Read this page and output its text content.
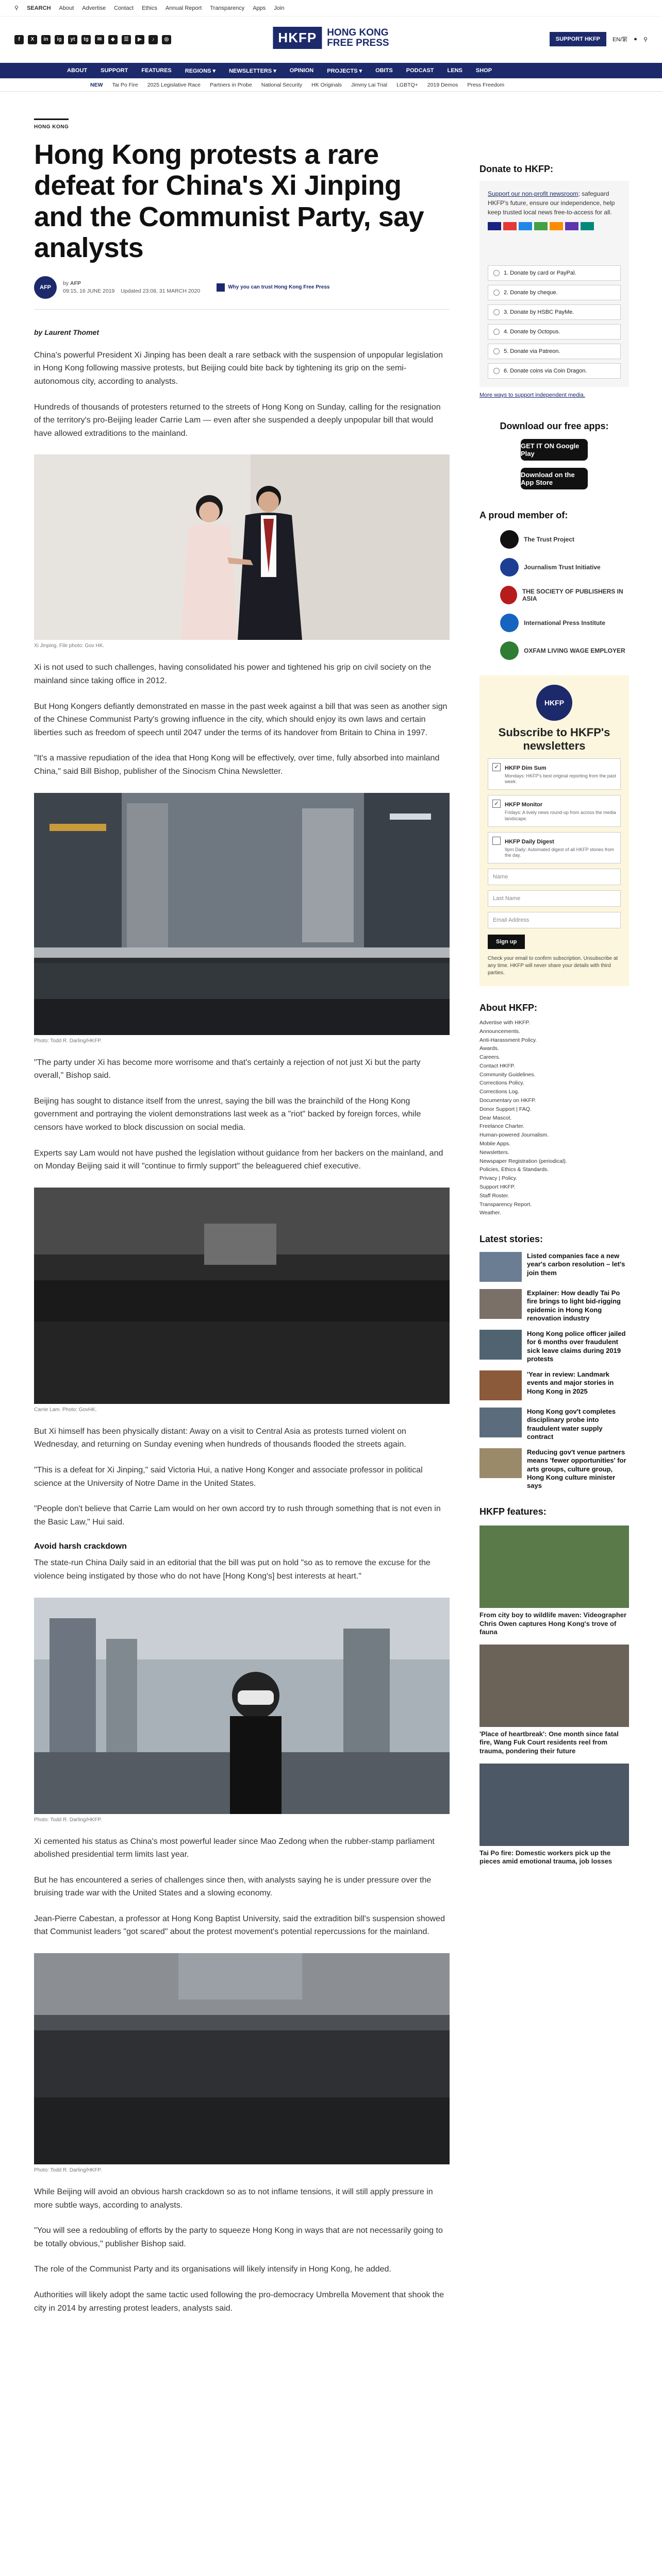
⚲ SEARCH About Advertise Contact Ethics Annual Report Transparency Apps Join
f	X	in	ig	yt	tg	✉	◆	☰	▶	♪	◎	HKFP	HONG KONG
FREE PRESS	SUPPORT HKFP	EN/繁 ● ⚲
ABOUT SUPPORT FEATURES REGIONS ▾ NEWSLETTERS ▾ OPINION PROJECTS ▾ OBITS PODCAST LENS SHOP
NEW Tai Po Fire 2025 Legislative Race Partners in Probe National Security HK Originals Jimmy Lai Trial LGBTQ+ 2019 Demos Press Freedom
HONG KONG
Hong Kong protests a rare defeat for China's Xi Jinping and the Communist Party, say analysts
AFP
by AFP
09:15, 16 JUNE 2019 Updated 23:08, 31 MARCH 2020
Why you can trust Hong Kong Free Press
by Laurent Thomet

China's powerful President Xi Jinping has been dealt a rare setback with the suspension of unpopular legislation in Hong Kong following massive protests, but Beijing could bite back by tightening its grip on the semi-autonomous city, according to analysts.

Hundreds of thousands of protesters returned to the streets of Hong Kong on Sunday, calling for the resignation of the territory's pro-Beijing leader Carrie Lam — even after she suspended a deeply unpopular bill that would have allowed extraditions to the mainland.

Xi Jinping. File photo: Gov HK.

Xi is not used to such challenges, having consolidated his power and tightened his grip on civil society on the mainland since taking office in 2012.

But Hong Kongers defiantly demonstrated en masse in the past week against a bill that was seen as another sign of the Chinese Communist Party's growing influence in the city, which should enjoy its own laws and certain liberties such as freedom of speech until 2047 under the terms of its handover from Britain to China in 1997.

"It's a massive repudiation of the idea that Hong Kong will be effectively, over time, fully absorbed into mainland China," said Bill Bishop, publisher of the Sinocism China Newsletter.

Photo: Todd R. Darling/HKFP.

"The party under Xi has become more worrisome and that's certainly a rejection of not just Xi but the party overall," Bishop said.

Beijing has sought to distance itself from the unrest, saying the bill was the brainchild of the Hong Kong government and portraying the violent demonstrations last week as a "riot" backed by foreign forces, while censors have worked to block discussion on social media.

Experts say Lam would not have pushed the legislation without guidance from her backers on the mainland, and on Monday Beijing said it will "continue to firmly support" the beleaguered chief executive.

Carrie Lam. Photo: GovHK.

But Xi himself has been physically distant: Away on a visit to Central Asia as protests turned violent on Wednesday, and returning on Sunday evening when hundreds of thousands flooded the streets again.

"This is a defeat for Xi Jinping," said Victoria Hui, a native Hong Konger and associate professor in political science at the University of Notre Dame in the United States.

"People don't believe that Carrie Lam would on her own accord try to rush through something that is not even in the Basic Law," Hui said.

Avoid harsh crackdown

The state-run China Daily said in an editorial that the bill was put on hold "so as to remove the excuse for the violence being instigated by those who do not have [Hong Kong's] best interests at heart."

Photo: Todd R. Darling/HKFP.

Xi cemented his status as China's most powerful leader since Mao Zedong when the rubber-stamp parliament abolished presidential term limits last year.

But he has encountered a series of challenges since then, with analysts saying he is under pressure over the bruising trade war with the United States and a slowing economy.

Jean-Pierre Cabestan, a professor at Hong Kong Baptist University, said the extradition bill's suspension showed that Communist leaders "got scared" about the protest movement's potential repercussions for the mainland.

Photo: Todd R. Darling/HKFP.

While Beijing will avoid an obvious harsh crackdown so as to not inflame tensions, it will still apply pressure in more subtle ways, according to analysts.

"You will see a redoubling of efforts by the party to squeeze Hong Kong in ways that are not necessarily going to be totally obvious," publisher Bishop said.

The role of the Communist Party and its organisations will likely intensify in Hong Kong, he added.

Authorities will likely adopt the same tactic used following the pro-democracy Umbrella Movement that shook the city in 2014 by arresting protest leaders, analysts said.

Donate to HKFP:

Support our non-profit newsroom; safeguard HKFP's future, ensure our independence, help keep trusted local news free-to-access for all.

1. Donate by card or PayPal.
2. Donate by cheque.
3. Donate by HSBC PayMe.
4. Donate by Octopus.
5. Donate via Patreon.
6. Donate coins via Coin Dragon.
More ways to support independent media.
Download our free apps:
GET IT ON Google Play
Download on the App Store
A proud member of:
The Trust Project
Journalism Trust Initiative
THE SOCIETY OF PUBLISHERS IN ASIA
International Press Institute
OXFAM LIVING WAGE EMPLOYER
HKFP
Subscribe to HKFP's newsletters
✓	HKFP Dim Sum
Mondays: HKFP's best original reporting from the past week.
✓	HKFP Monitor
Fridays: A lively news round-up from across the media landscape.
HKFP Daily Digest
9pm Daily: Automated digest of all HKFP stories from the day.
Name
Last Name
Email Address
Sign up
Check your email to confirm subscription. Unsubscribe at any time. HKFP will never share your details with third parties.
About HKFP:
Advertise with HKFP.
Announcements.
Anti-Harassment Policy.
Awards.
Careers.
Contact HKFP.
Community Guidelines.
Corrections Policy.
Corrections Log.
Documentary on HKFP.
Donor Support | FAQ.
Dear Mascot.
Freelance Charter.
Human-powered Journalism.
Mobile Apps.
Newsletters.
Newspaper Registration (periodical).
Policies, Ethics & Standards.
Privacy | Policy.
Support HKFP.
Staff Roster.
Transparency Report.
Weather.
Latest stories:
Listed companies face a new year's carbon resolution – let's join them
Explainer: How deadly Tai Po fire brings to light bid-rigging epidemic in Hong Kong renovation industry
Hong Kong police officer jailed for 6 months over fraudulent sick leave claims during 2019 protests
'Year in review: Landmark events and major stories in Hong Kong in 2025
Hong Kong gov't completes disciplinary probe into fraudulent water supply contract
Reducing gov't venue partners means 'fewer opportunities' for arts groups, culture group, Hong Kong culture minister says
HKFP features:
From city boy to wildlife maven: Videographer Chris Owen captures Hong Kong's trove of fauna
'Place of heartbreak': One month since fatal fire, Wang Fuk Court residents reel from trauma, pondering their future
Tai Po fire: Domestic workers pick up the pieces amid emotional trauma, job losses
